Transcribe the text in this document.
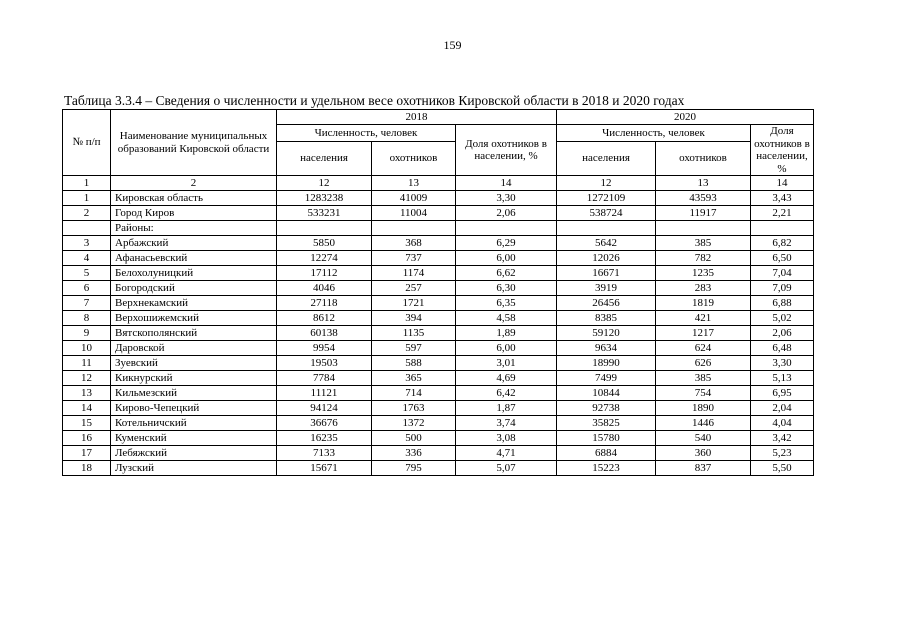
159
Таблица 3.3.4 – Сведения о численности и удельном весе охотников Кировской области в 2018 и 2020 годах
№ п/п	Наименование муниципальных образований Кировской области	2018			2020		
		Численность, человек		Доля охотников в населении, %	Численность, человек		Доля охотников в населении, %
		населения	охотников		населения	охотников	
1	2	12	13	14	12	13	14
1	Кировская область	1283238	41009	3,30	1272109	43593	3,43
2	Город Киров	533231	11004	2,06	538724	11917	2,21
	Районы:						
3	Арбажский	5850	368	6,29	5642	385	6,82
4	Афанасьевский	12274	737	6,00	12026	782	6,50
5	Белохолуницкий	17112	1174	6,62	16671	1235	7,04
6	Богородский	4046	257	6,30	3919	283	7,09
7	Верхнекамский	27118	1721	6,35	26456	1819	6,88
8	Верхошижемский	8612	394	4,58	8385	421	5,02
9	Вятскополянский	60138	1135	1,89	59120	1217	2,06
10	Даровской	9954	597	6,00	9634	624	6,48
11	Зуевский	19503	588	3,01	18990	626	3,30
12	Кикнурский	7784	365	4,69	7499	385	5,13
13	Кильмезский	11121	714	6,42	10844	754	6,95
14	Кирово-Чепецкий	94124	1763	1,87	92738	1890	2,04
15	Котельничский	36676	1372	3,74	35825	1446	4,04
16	Куменский	16235	500	3,08	15780	540	3,42
17	Лебяжский	7133	336	4,71	6884	360	5,23
18	Лузский	15671	795	5,07	15223	837	5,50
